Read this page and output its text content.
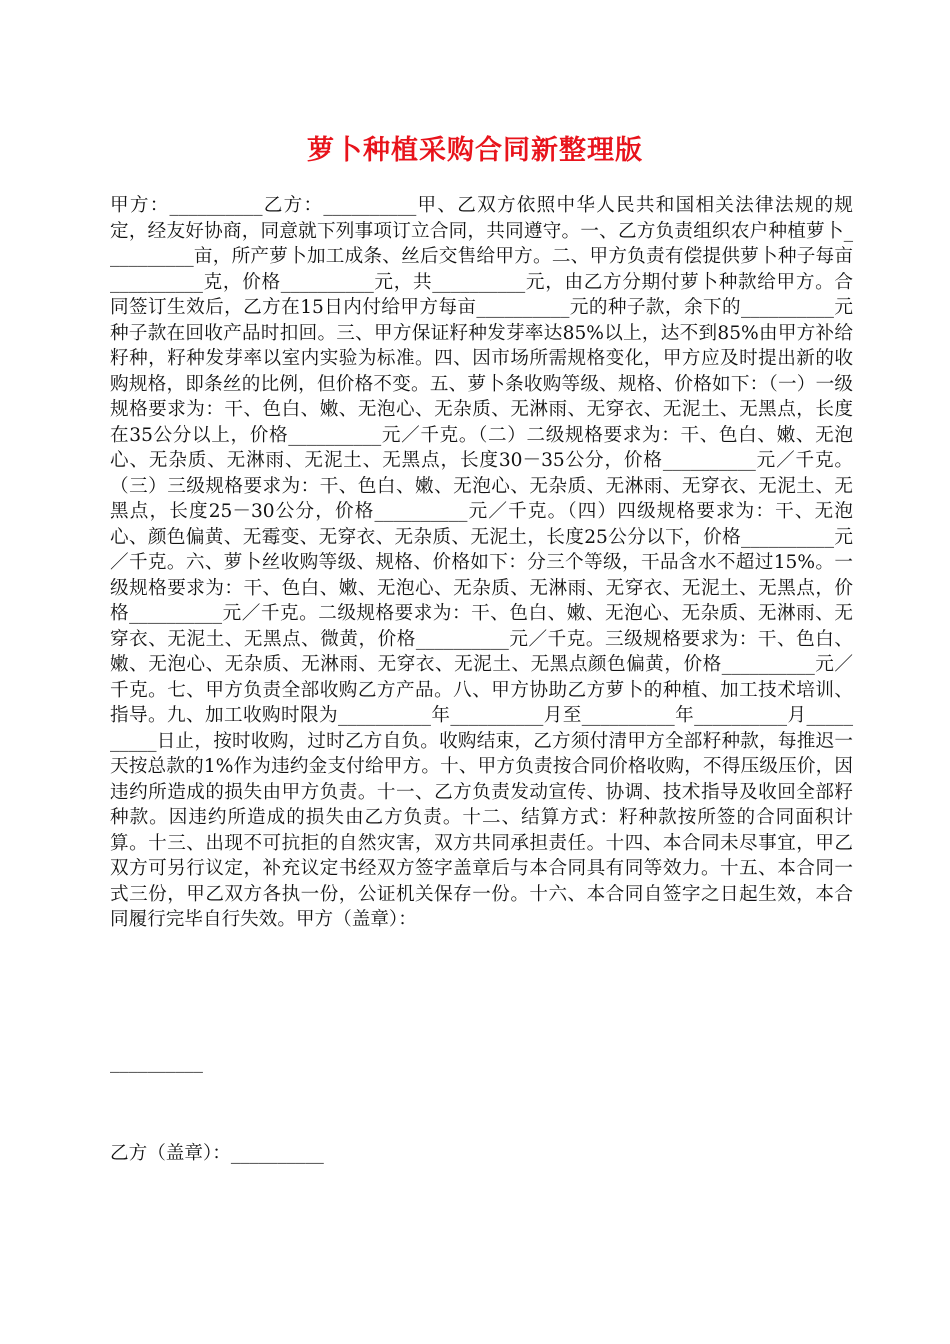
萝卜种植采购合同新整理版

甲方：__________乙方：__________甲、乙双方依照中华人民共和国相关法律法规的规定，经友好协商，同意就下列事项订立合同，共同遵守。一、乙方负责组织农户种植萝卜__________亩，所产萝卜加工成条、丝后交售给甲方。二、甲方负责有偿提供萝卜种子每亩__________克，价格__________元，共__________元，由乙方分期付萝卜种款给甲方。合同签订生效后，乙方在15日内付给甲方每亩__________元的种子款，余下的__________元种子款在回收产品时扣回。三、甲方保证籽种发芽率达85%以上，达不到85%由甲方补给籽种，籽种发芽率以室内实验为标准。四、因市场所需规格变化，甲方应及时提出新的收购规格，即条丝的比例，但价格不变。五、萝卜条收购等级、规格、价格如下：（一）一级规格要求为：干、色白、嫩、无泡心、无杂质、无淋雨、无穿衣、无泥土、无黑点，长度在35公分以上，价格__________元／千克。（二）二级规格要求为：干、色白、嫩、无泡心、无杂质、无淋雨、无泥土、无黑点，长度30－35公分，价格__________元／千克。（三）三级规格要求为：干、色白、嫩、无泡心、无杂质、无淋雨、无穿衣、无泥土、无黑点，长度25－30公分，价格__________元／千克。（四）四级规格要求为：干、无泡心、颜色偏黄、无霉变、无穿衣、无杂质、无泥土，长度25公分以下，价格__________元／千克。六、萝卜丝收购等级、规格、价格如下：分三个等级，干品含水不超过15%。一级规格要求为：干、色白、嫩、无泡心、无杂质、无淋雨、无穿衣、无泥土、无黑点，价格__________元／千克。二级规格要求为：干、色白、嫩、无泡心、无杂质、无淋雨、无穿衣、无泥土、无黑点、微黄，价格__________元／千克。三级规格要求为：干、色白、嫩、无泡心、无杂质、无淋雨、无穿衣、无泥土、无黑点颜色偏黄，价格__________元／千克。七、甲方负责全部收购乙方产品。八、甲方协助乙方萝卜的种植、加工技术培训、指导。九、加工收购时限为__________年__________月至__________年__________月__________日止，按时收购，过时乙方自负。收购结束，乙方须付清甲方全部籽种款，每推迟一天按总款的1%作为违约金支付给甲方。十、甲方负责按合同价格收购，不得压级压价，因违约所造成的损失由甲方负责。十一、乙方负责发动宣传、协调、技术指导及收回全部籽种款。因违约所造成的损失由乙方负责。十二、结算方式：籽种款按所签的合同面积计算。十三、出现不可抗拒的自然灾害，双方共同承担责任。十四、本合同未尽事宜，甲乙双方可另行议定，补充议定书经双方签字盖章后与本合同具有同等效力。十五、本合同一式三份，甲乙双方各执一份，公证机关保存一份。十六、本合同自签字之日起生效，本合同履行完毕自行失效。甲方（盖章）：

__________
乙方（盖章）：__________
